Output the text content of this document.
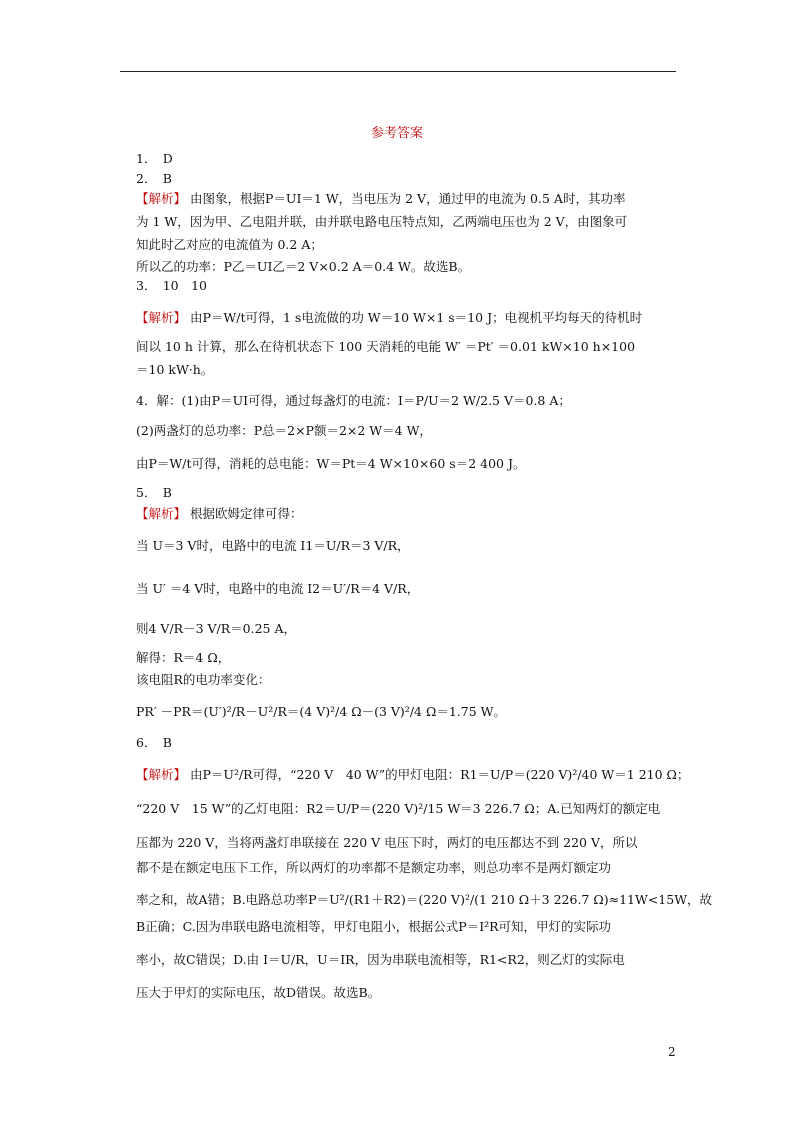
参考答案
1．　D
2．　B
【解析】 由图象，根据P＝UI＝1 W，当电压为 2 V，通过甲的电流为 0.5 A时，其功率
为 1 W，因为甲、乙电阻并联，由并联电路电压特点知，乙两端电压也为 2 V，由图象可
知此时乙对应的电流值为 0.2 A；
所以乙的功率：P乙＝UI乙＝2 V×0.2 A＝0.4 W。故选B。
3．　10　10
【解析】 由P＝W/t可得，1 s电流做的功 W＝10 W×1 s＝10 J；电视机平均每天的待机时
间以 10 h 计算，那么在待机状态下 100 天消耗的电能 W′ ＝Pt′ ＝0.01 kW×10 h×100
＝10 kW·h。
4．解：(1)由P＝UI可得，通过每盏灯的电流：I＝P/U＝2 W/2.5 V＝0.8 A；
(2)两盏灯的总功率：P总＝2×P额＝2×2 W＝4 W，
由P＝W/t可得，消耗的总电能：W＝Pt＝4 W×10×60 s＝2 400 J。
5．　B
【解析】 根据欧姆定律可得：
当 U＝3 V时，电路中的电流 I1＝U/R＝3 V/R，
当 U′ ＝4 V时，电路中的电流 I2＝U′/R＝4 V/R，
则4 V/R－3 V/R＝0.25 A，
解得：R＝4 Ω，
该电阻R的电功率变化：
PR′ －PR＝(U′)²/R－U²/R＝(4 V)²/4 Ω－(3 V)²/4 Ω＝1.75 W。
6．　B
【解析】 由P＝U²/R可得，“220 V　40 W”的甲灯电阻：R1＝U/P＝(220 V)²/40 W＝1 210 Ω；
“220 V　15 W”的乙灯电阻：R2＝U/P＝(220 V)²/15 W＝3 226.7 Ω；A.已知两灯的额定电
压都为 220 V，当将两盏灯串联接在 220 V 电压下时，两灯的电压都达不到 220 V，所以
都不是在额定电压下工作，所以两灯的功率都不是额定功率，则总功率不是两灯额定功
率之和，故A错；B.电路总功率P＝U²/(R1＋R2)＝(220 V)²/(1 210 Ω＋3 226.7 Ω)≈11W<15W，故
B正确；C.因为串联电路电流相等，甲灯电阻小，根据公式P＝I²R可知，甲灯的实际功
率小，故C错误；D.由 I＝U/R，U＝IR，因为串联电流相等，R1<R2，则乙灯的实际电
压大于甲灯的实际电压，故D错误。故选B。
2
